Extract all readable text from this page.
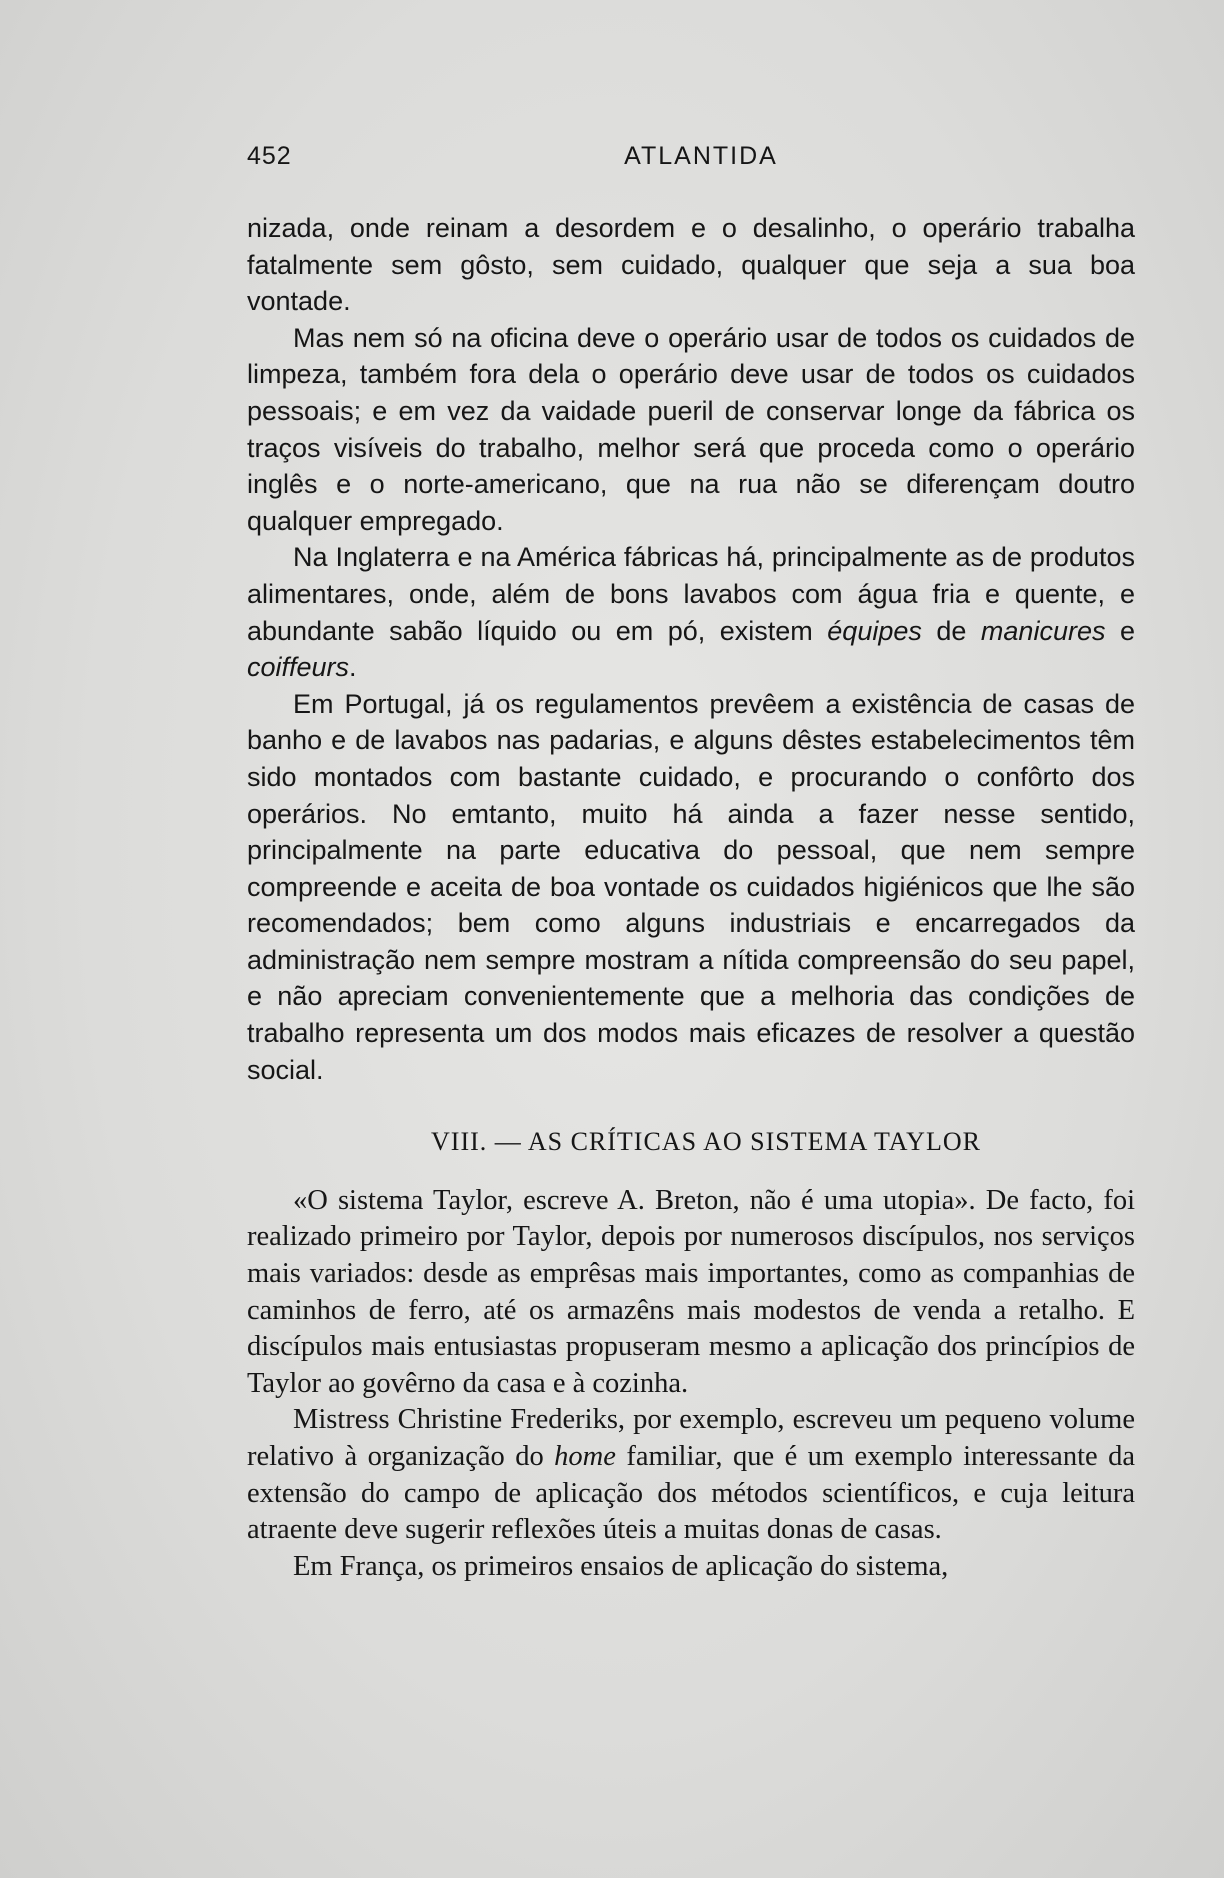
452	ATLANTIDA

nizada, onde reinam a desordem e o desalinho, o operário trabalha fatalmente sem gôsto, sem cuidado, qualquer que seja a sua boa vontade.

Mas nem só na oficina deve o operário usar de todos os cuidados de limpeza, também fora dela o operário deve usar de todos os cuidados pessoais; e em vez da vaidade pueril de conservar longe da fábrica os traços visíveis do trabalho, melhor será que proceda como o operário inglês e o norte-americano, que na rua não se diferençam doutro qualquer empregado.

Na Inglaterra e na América fábricas há, principalmente as de produtos alimentares, onde, além de bons lavabos com água fria e quente, e abundante sabão líquido ou em pó, existem équipes de manicures e coiffeurs.

Em Portugal, já os regulamentos prevêem a existência de casas de banho e de lavabos nas padarias, e alguns dêstes estabelecimentos têm sido montados com bastante cuidado, e procurando o confôrto dos operários. No emtanto, muito há ainda a fazer nesse sentido, principalmente na parte educativa do pessoal, que nem sempre compreende e aceita de boa vontade os cuidados higiénicos que lhe são recomendados; bem como alguns industriais e encarregados da administração nem sempre mostram a nítida compreensão do seu papel, e não apreciam convenientemente que a melhoria das condições de trabalho representa um dos modos mais eficazes de resolver a questão social.

VIII. — AS CRÍTICAS AO SISTEMA TAYLOR

«O sistema Taylor, escreve A. Breton, não é uma utopia». De facto, foi realizado primeiro por Taylor, depois por numerosos discípulos, nos serviços mais variados: desde as emprêsas mais importantes, como as companhias de caminhos de ferro, até os armazêns mais modestos de venda a retalho. E discípulos mais entusiastas propuseram mesmo a aplicação dos princípios de Taylor ao govêrno da casa e à cozinha.

Mistress Christine Frederiks, por exemplo, escreveu um pequeno volume relativo à organização do home familiar, que é um exemplo interessante da extensão do campo de aplicação dos métodos scientíficos, e cuja leitura atraente deve sugerir reflexões úteis a muitas donas de casas.

Em França, os primeiros ensaios de aplicação do sistema,
